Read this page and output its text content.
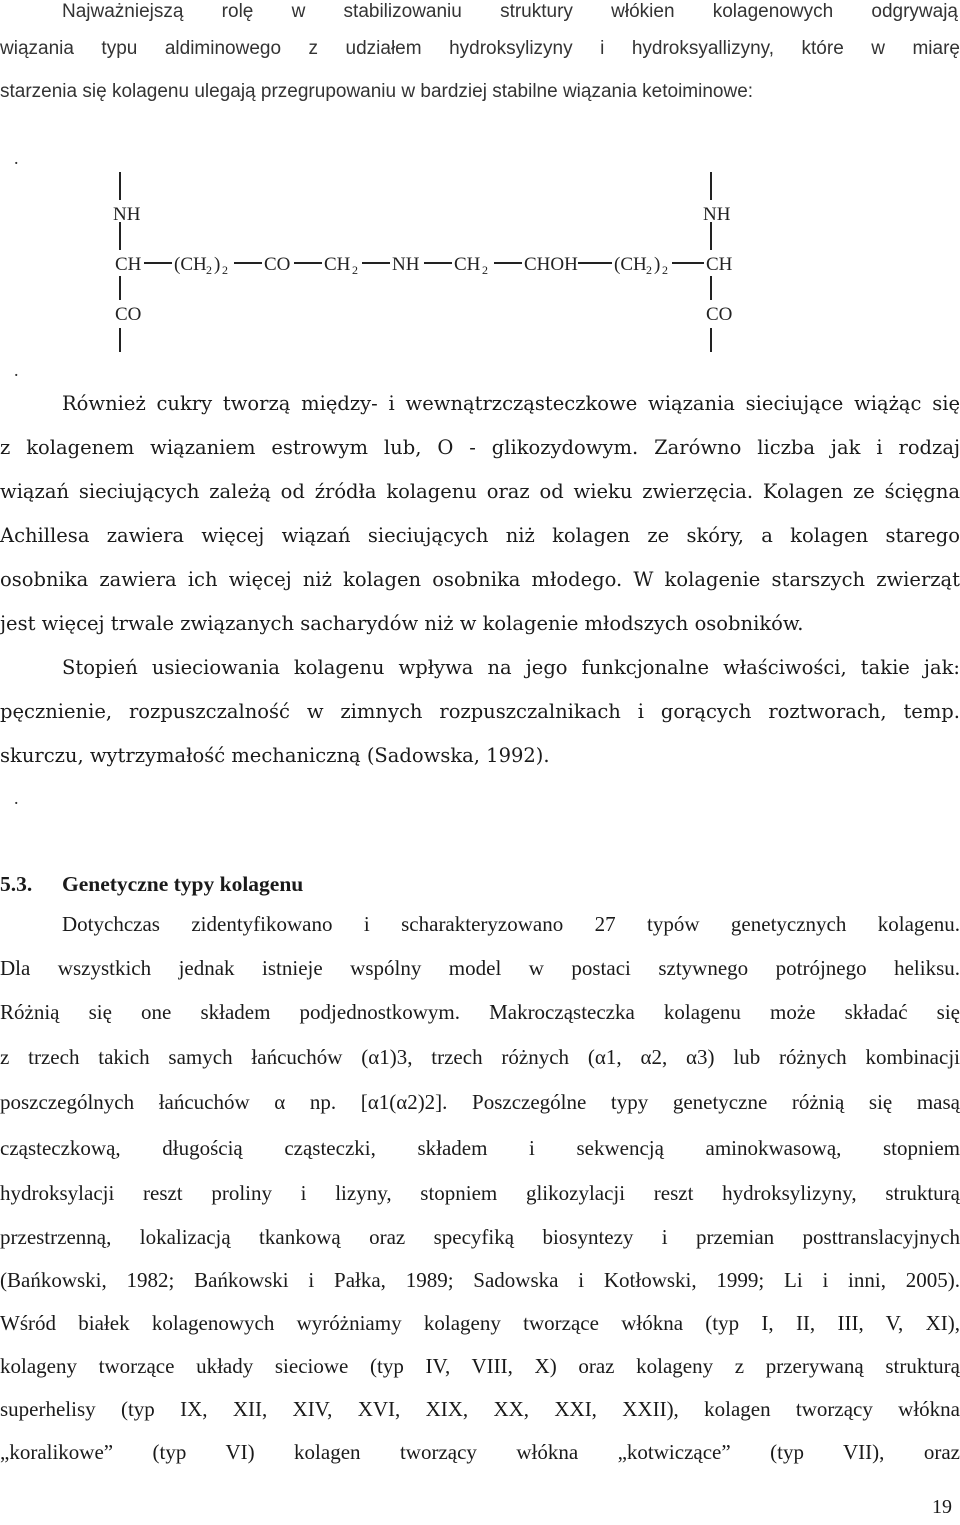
Najważniejszą rolę w stabilizowaniu struktury włókien kolagenowych odgrywają
wiązania typu aldiminowego z udziałem hydroksylizyny i hydroksyallizyny, które w miarę
starzenia się kolagenu ulegają przegrupowaniu w bardziej stabilne wiązania ketoiminowe:
.
NH
CH
CO
NH
CH
CO
(CH 2 ) 2 CO CH 2 NH CH 2 CHOH (CH 2 ) 2
.
Również cukry tworzą między- i wewnątrzcząsteczkowe wiązania sieciujące wiążąc się
z kolagenem wiązaniem estrowym lub, O - glikozydowym. Zarówno liczba jak i rodzaj
wiązań sieciujących zależą od źródła kolagenu oraz od wieku zwierzęcia. Kolagen ze ścięgna
Achillesa zawiera więcej wiązań sieciujących niż kolagen ze skóry, a kolagen starego
osobnika zawiera ich więcej niż kolagen osobnika młodego. W kolagenie starszych zwierząt
jest więcej trwale związanych sacharydów niż w kolagenie młodszych osobników.
Stopień usieciowania kolagenu wpływa na jego funkcjonalne właściwości, takie jak:
pęcznienie, rozpuszczalność w zimnych rozpuszczalnikach i gorących roztworach, temp.
skurczu, wytrzymałość mechaniczną (Sadowska, 1992).
.
5.3. Genetyczne typy kolagenu
Dotychczas zidentyfikowano i scharakteryzowano 27 typów genetycznych kolagenu.
Dla wszystkich jednak istnieje wspólny model w postaci sztywnego potrójnego heliksu.
Różnią się one składem podjednostkowym. Makrocząsteczka kolagenu może składać się
z trzech takich samych łańcuchów (α1)3, trzech różnych (α1, α2, α3) lub różnych kombinacji
poszczególnych łańcuchów α np. [α1(α2)2]. Poszczególne typy genetyczne różnią się masą
cząsteczkową, długością cząsteczki, składem i sekwencją aminokwasową, stopniem
hydroksylacji reszt proliny i lizyny, stopniem glikozylacji reszt hydroksylizyny, strukturą
przestrzenną, lokalizacją tkankową oraz specyfiką biosyntezy i przemian posttranslacyjnych
(Bańkowski, 1982; Bańkowski i Pałka, 1989; Sadowska i Kotłowski, 1999; Li i inni, 2005).
Wśród białek kolagenowych wyróżniamy kolageny tworzące włókna (typ I, II, III, V, XI),
kolageny tworzące układy sieciowe (typ IV, VIII, X) oraz kolageny z przerywaną strukturą
superhelisy (typ IX, XII, XIV, XVI, XIX, XX, XXI, XXII), kolagen tworzący włókna
„koralikowe” (typ VI) kolagen tworzący włókna „kotwiczące” (typ VII), oraz
19
